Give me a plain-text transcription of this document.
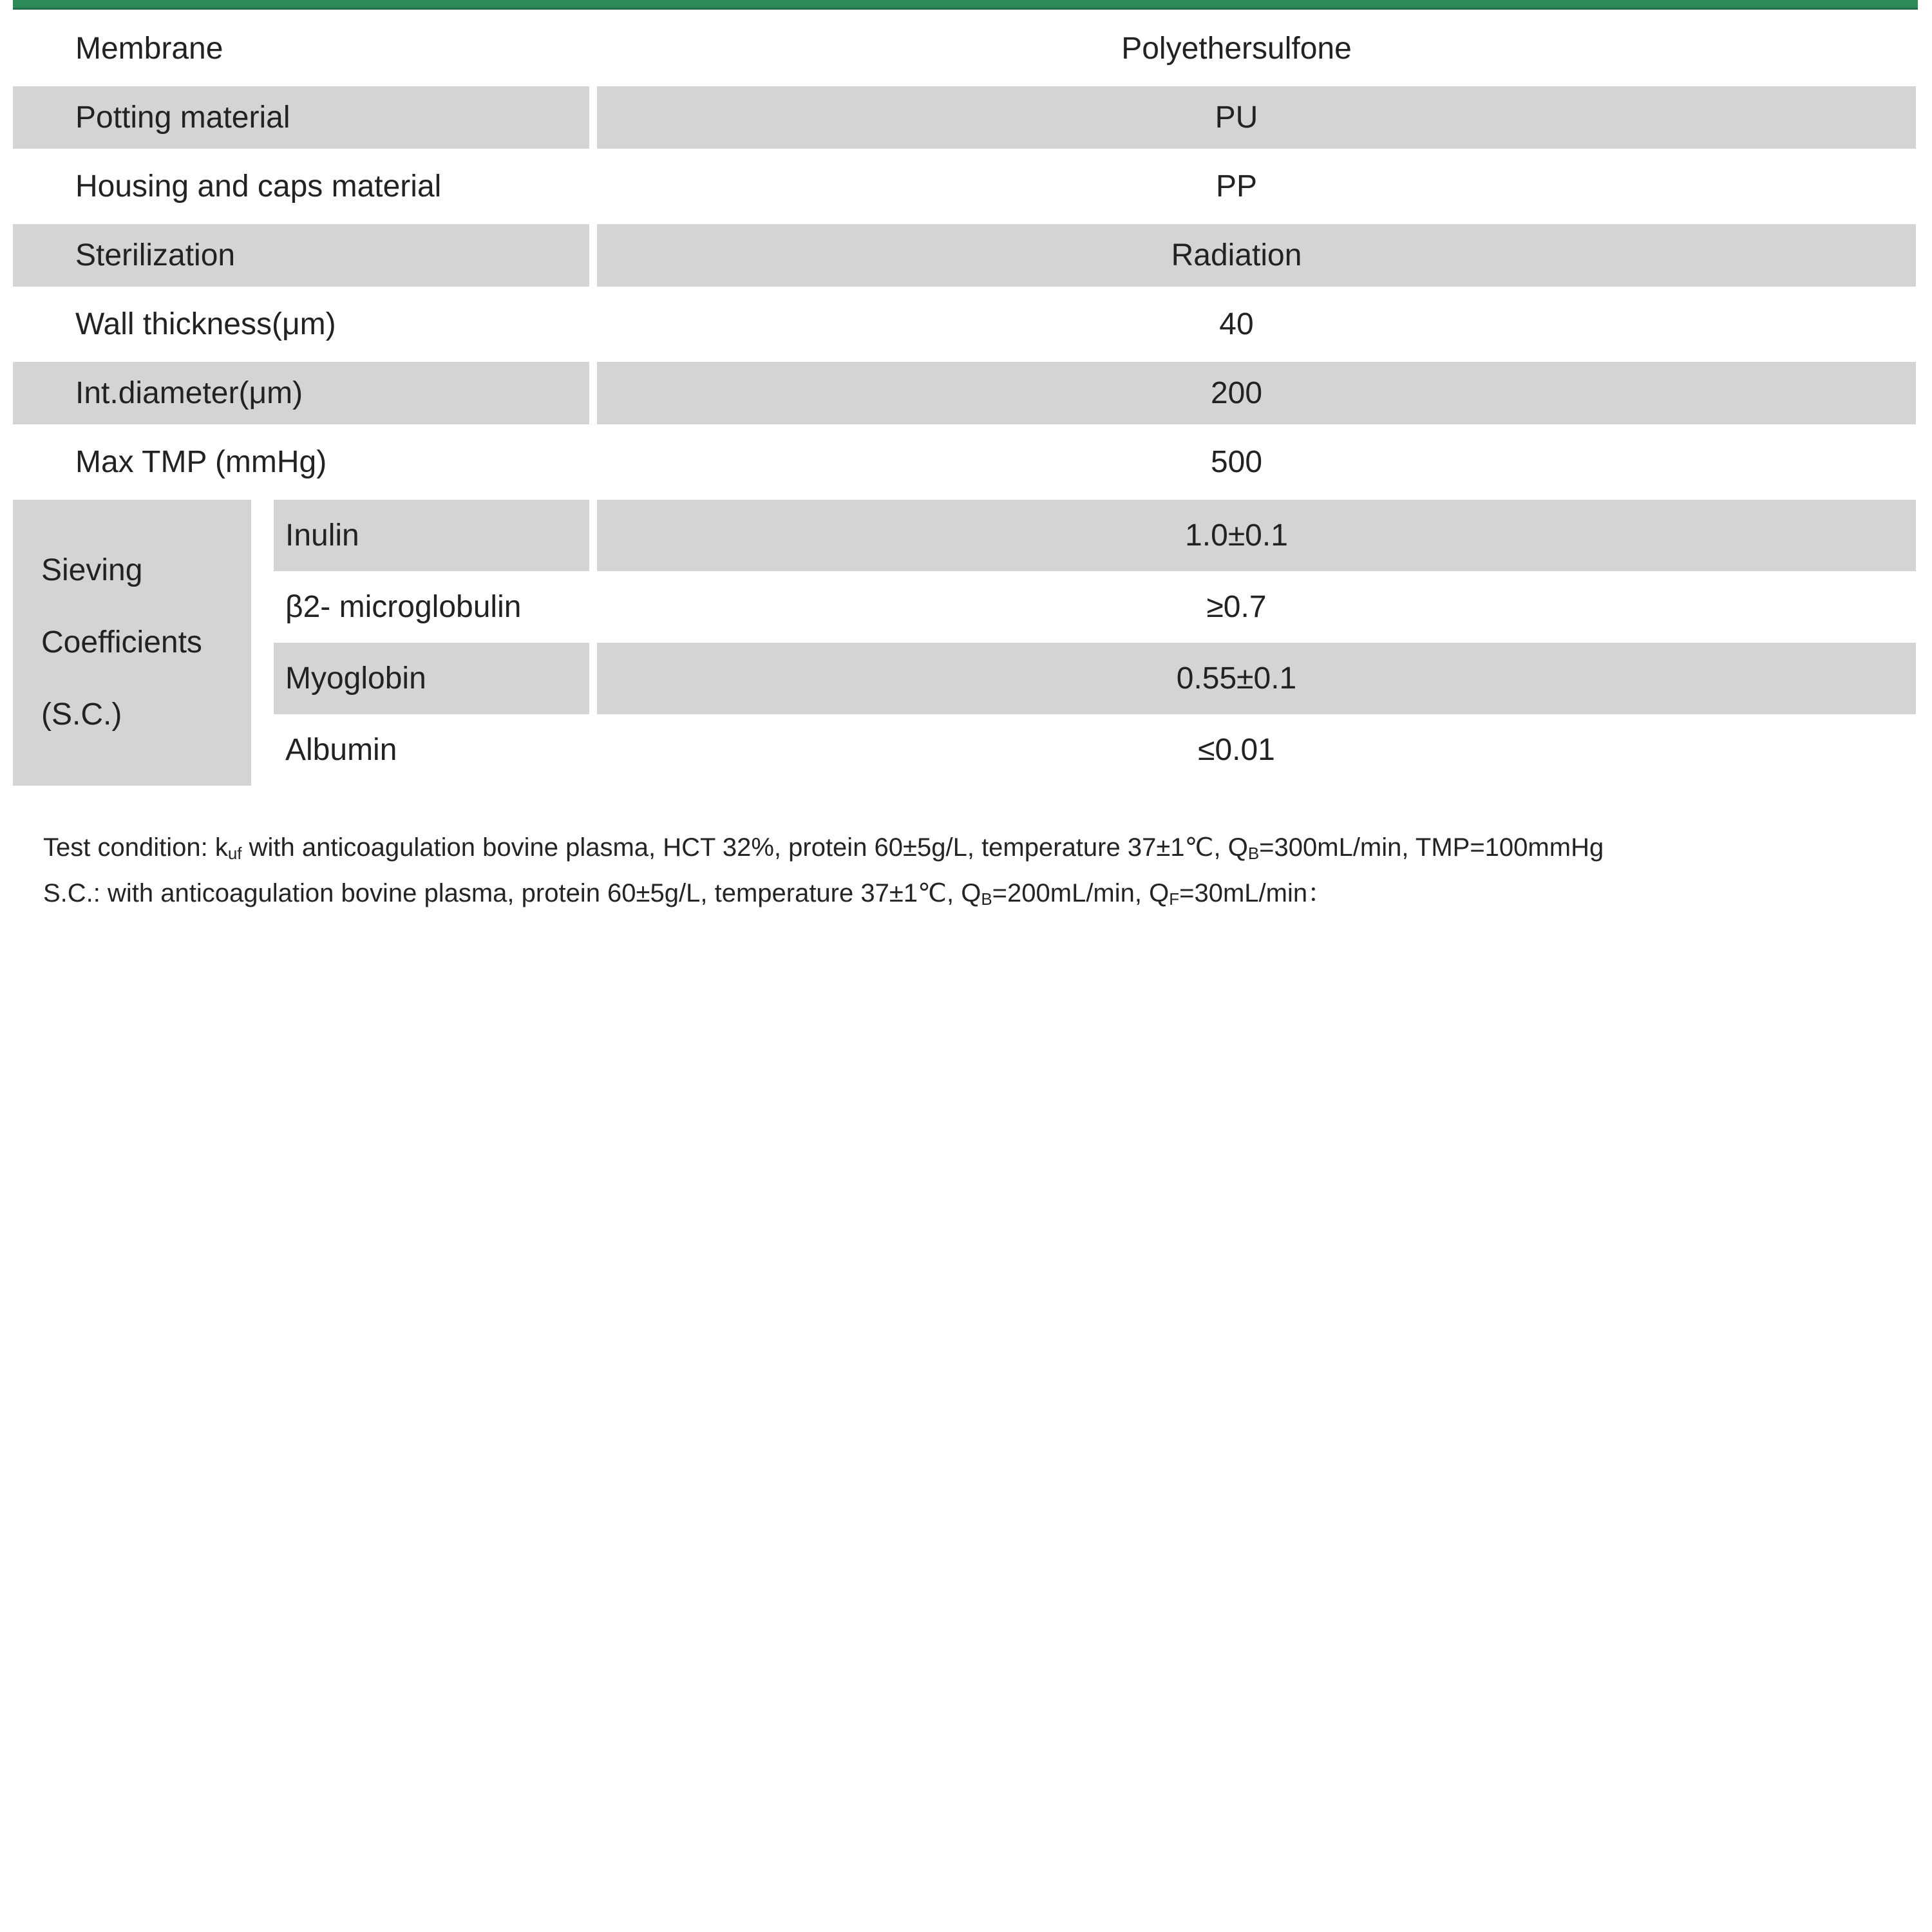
Membrane	Polyethersulfone
Potting material	PU
Housing and caps material	PP
Sterilization	Radiation
Wall thickness(μm)	40
Int.diameter(μm)	200
Max TMP (mmHg)	500
Sieving
Coefficients
(S.C.)
Inulin	1.0±0.1
β2- microglobulin	≥0.7
Myoglobin	0.55±0.1
Albumin	≤0.01

Test condition: kuf with anticoagulation bovine plasma, HCT 32%, protein 60±5g/L, temperature 37±1℃, QB=300mL/min, TMP=100mmHg

S.C.: with anticoagulation bovine plasma, protein 60±5g/L, temperature 37±1℃, QB=200mL/min, QF=30mL/min：
